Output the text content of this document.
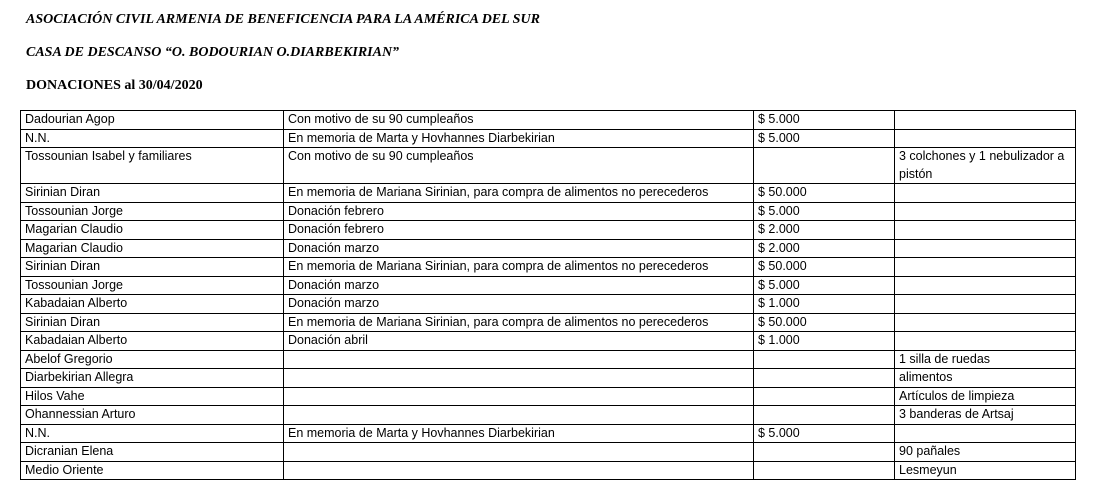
ASOCIACIÓN CIVIL ARMENIA DE BENEFICENCIA PARA LA AMÉRICA DEL SUR
CASA DE DESCANSO “O. BODOURIAN O.DIARBEKIRIAN”
DONACIONES al 30/04/2020
Dadourian Agop	Con motivo de su 90 cumpleaños	$ 5.000	
N.N.	En memoria de Marta y Hovhannes Diarbekirian	$ 5.000	
Tossounian Isabel y familiares	Con motivo de su 90 cumpleaños		3 colchones y 1 nebulizador a pistón
Sirinian Diran	En memoria de Mariana Sirinian, para compra de alimentos no perecederos	$ 50.000	
Tossounian Jorge	Donación febrero	$ 5.000	
Magarian Claudio	Donación febrero	$ 2.000	
Magarian Claudio	Donación marzo	$ 2.000	
Sirinian Diran	En memoria de Mariana Sirinian, para compra de alimentos no perecederos	$ 50.000	
Tossounian Jorge	Donación marzo	$ 5.000	
Kabadaian Alberto	Donación marzo	$ 1.000	
Sirinian Diran	En memoria de Mariana Sirinian, para compra de alimentos no perecederos	$ 50.000	
Kabadaian Alberto	Donación abril	$ 1.000	
Abelof Gregorio			1 silla de ruedas
Diarbekirian Allegra			alimentos
Hilos Vahe			Artículos de limpieza
Ohannessian Arturo			3 banderas de Artsaj
N.N.	En memoria de Marta y Hovhannes Diarbekirian	$ 5.000	
Dicranian Elena			90 pañales
Medio Oriente			Lesmeyun
